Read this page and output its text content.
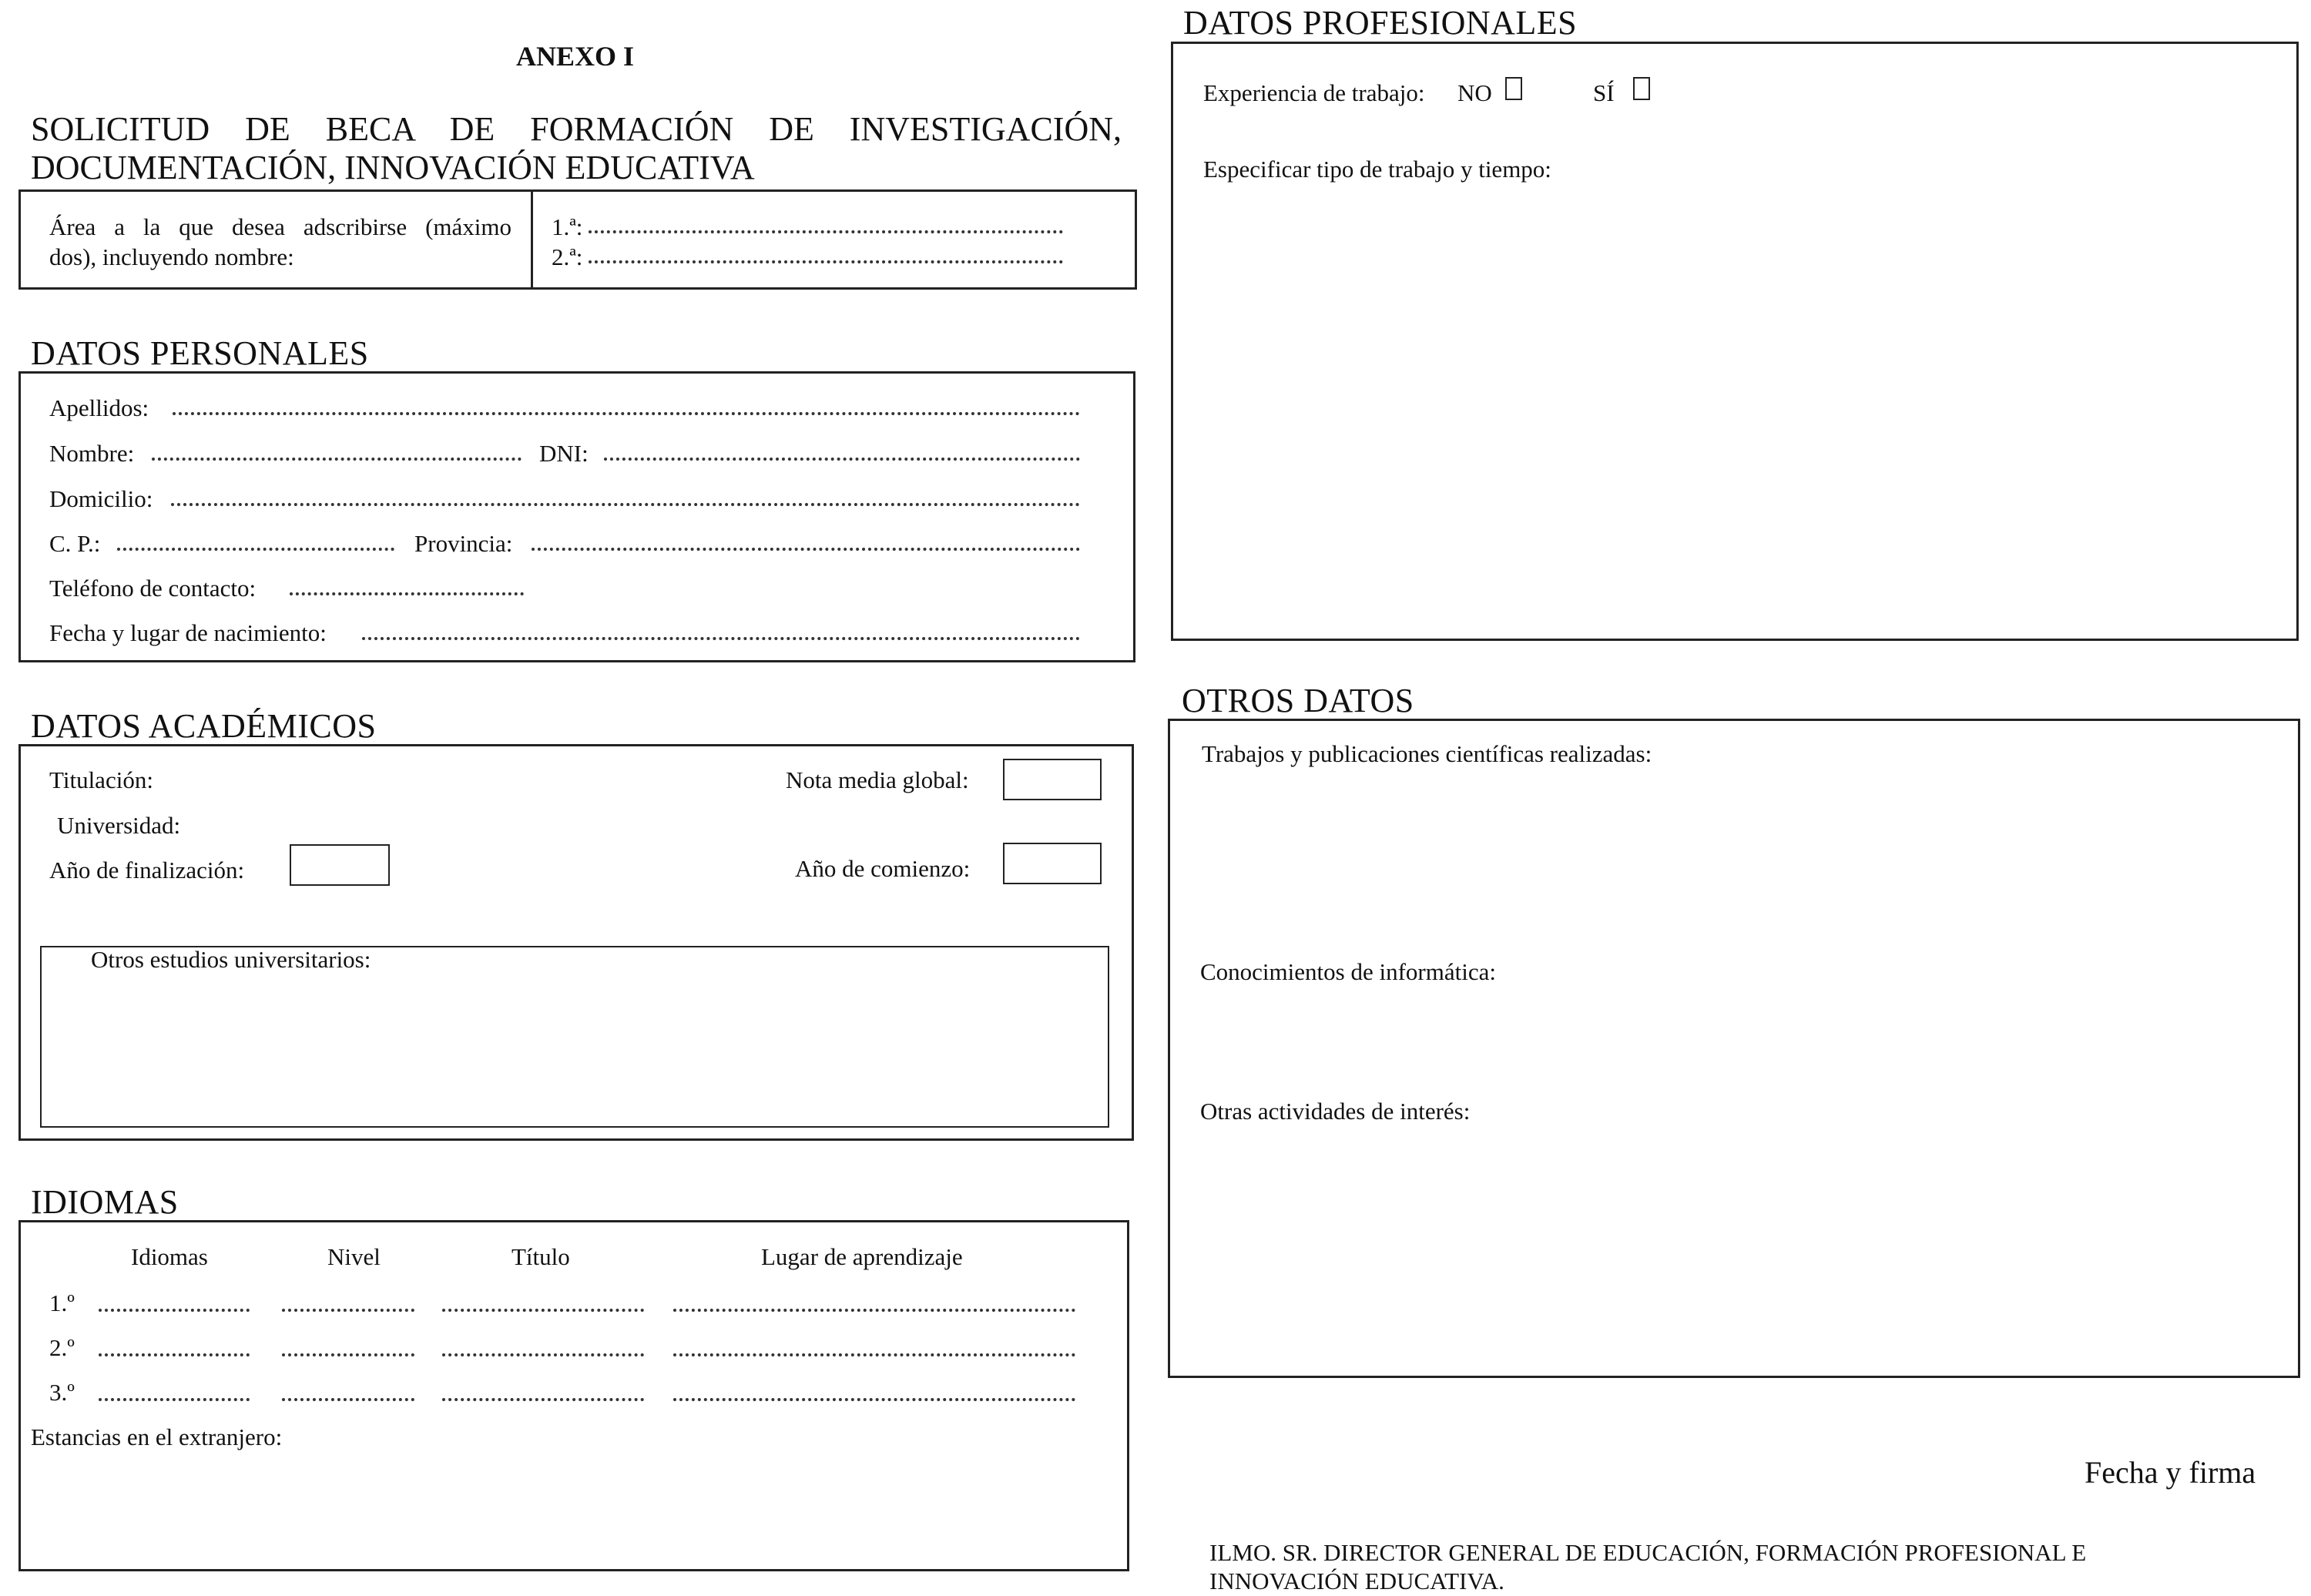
ANEXO I
SOLICITUD DE BECA DE FORMACIÓN DE INVESTIGACIÓN,
DOCUMENTACIÓN, INNOVACIÓN EDUCATIVA
Área a la que desea adscribirse (máximo
dos), incluyendo nombre:
1.ª:
2.ª:
DATOS PERSONALES
Apellidos:
Nombre:	DNI:
Domicilio:
C. P.:	Provincia:
Teléfono de contacto:
Fecha y lugar de nacimiento:
DATOS ACADÉMICOS
Titulación:	Nota media global:
Universidad:
Año de finalización:	Año de comienzo:
Otros estudios universitarios:
IDIOMAS
Idiomas	Nivel	Título	Lugar de aprendizaje
1.º
2.º
3.º
Estancias en el extranjero:
DATOS PROFESIONALES
Experiencia de trabajo: NO	SÍ
Especificar tipo de trabajo y tiempo:
OTROS DATOS
Trabajos y publicaciones científicas realizadas:
Conocimientos de informática:
Otras actividades de interés:
Fecha y firma
ILMO. SR. DIRECTOR GENERAL DE EDUCACIÓN, FORMACIÓN PROFESIONAL E
INNOVACIÓN EDUCATIVA.
